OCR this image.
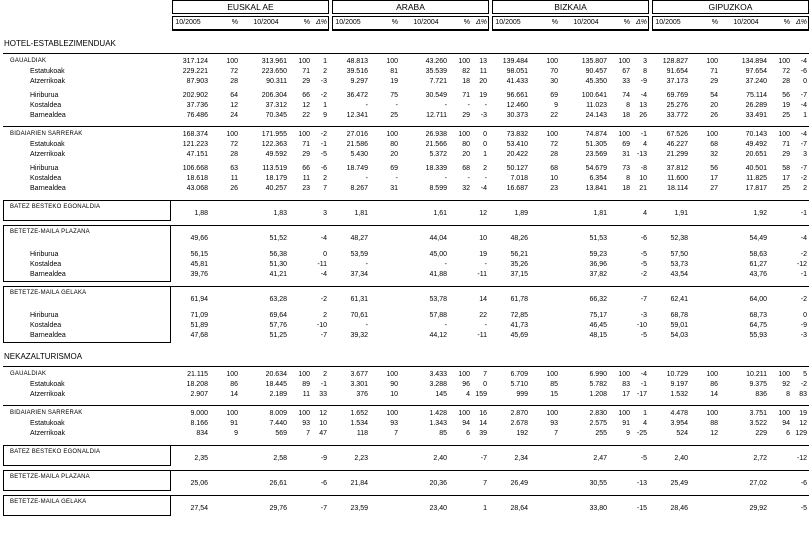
EUSKAL AE
10/2005	%	10/2004	% Δ%
ARABA
10/2005	%	10/2004	% Δ%
BIZKAIA
10/2005	%	10/2004	% Δ%
GIPUZKOA
10/2005	%	10/2004	% Δ%
HOTEL-ESTABLEZIMENDUAK
GAUALDIAK	317.124	100	313.961	100	1	48.813	100	43.260	100	13	139.484	100	135.807	100	3	128.827	100	134.894	100	-4
Estatukoak	229.221	72	223.650	71	2	39.516	81	35.539	82	11	98.051	70	90.457	67	8	91.654	71	97.654	72	-6
Atzerrikoak	87.903	28	90.311	29	-3	9.297	19	7.721	18	20	41.433	30	45.350	33	-9	37.173	29	37.240	28	0
Hiriburua	202.902	64	206.304	66	-2	36.472	75	30.549	71	19	96.661	69	100.641	74	-4	69.769	54	75.114	56	-7
Kostaldea	37.736	12	37.312	12	1	-	-	-	-	-	12.460	9	11.023	8	13	25.276	20	26.289	19	-4
Barnealdea	76.486	24	70.345	22	9	12.341	25	12.711	29	-3	30.373	22	24.143	18	26	33.772	26	33.491	25	1
BIDAIARIEN SARRERAK	168.374	100	171.955	100	-2	27.016	100	26.938	100	0	73.832	100	74.874	100	-1	67.526	100	70.143	100	-4
Estatukoak	121.223	72	122.363	71	-1	21.586	80	21.566	80	0	53.410	72	51.305	69	4	46.227	68	49.492	71	-7
Atzerrikoak	47.151	28	49.592	29	-5	5.430	20	5.372	20	1	20.422	28	23.569	31 -13	21.299	32	20.651	29	3
Hiriburua	106.668	63	113.519	66	-6	18.749	69	18.339	68	2	50.127	68	54.679	73	-8	37.812	56	40.501	58	-7
Kostaldea	18.618	11	18.179	11	2	-	-	-	-	-	7.018	10	6.354	8	10	11.600	17	11.825	17	-2
Barnealdea	43.068	26	40.257	23	7	8.267	31	8.599	32	-4	16.687	23	13.841	18	21	18.114	27	17.817	25	2
BATEZ BESTEKO EGONALDIA
1,88	1,83	3	1,81	1,61	12	1,89	1,81	4	1,91	1,92	-1
BETETZE-MAILA PLAZANA
49,66	51,52	-4	48,27	44,04	10	48,26	51,53	-6	52,38	54,49	-4
Hiriburua	56,15	56,38	0	53,59	45,00	19	56,21	59,23	-5	57,50	58,63	-2
Kostaldea	45,81	51,30	-11	-	-	-	35,26	36,96	-5	53,73	61,27	-12
Barnealdea	39,76	41,21	-4	37,34	41,88	-11	37,15	37,82	-2	43,54	43,76	-1
BETETZE-MAILA GELAKA
61,94	63,28	-2	61,31	53,78	14	61,78	66,32	-7	62,41	64,00	-2
Hiriburua	71,09	69,64	2	70,61	57,88	22	72,85	75,17	-3	68,78	68,73	0
Kostaldea	51,89	57,76	-10	-	-	-	41,73	46,45	-10	59,01	64,75	-9
Barnealdea	47,68	51,25	-7	39,32	44,12	-11	45,69	48,15	-5	54,03	55,93	-3
NEKAZALTURISMOA
GAUALDIAK	21.115	100	20.634	100	2	3.677	100	3.433	100	7	6.709	100	6.990	100	-4	10.729	100	10.211	100	5
Estatukoak	18.208	86	18.445	89	-1	3.301	90	3.288	96	0	5.710	85	5.782	83	-1	9.197	86	9.375	92	-2
Atzerrikoak	2.907	14	2.189	11	33	376	10	145	4 159	999	15	1.208	17 -17	1.532	14	836	8	83
BIDAIARIEN SARRERAK	9.000	100	8.009	100	12	1.652	100	1.428	100	16	2.870	100	2.830	100	1	4.478	100	3.751	100	19
Estatukoak	8.166	91	7.440	93	10	1.534	93	1.343	94	14	2.678	93	2.575	91	4	3.954	88	3.522	94	12
Atzerrikoak	834	9	569	7	47	118	7	85	6	39	192	7	255	9 -25	524	12	229	6 129
BATEZ BESTEKO EGONALDIA
2,35	2,58	-9	2,23	2,40	-7	2,34	2,47	-5	2,40	2,72	-12
BETETZE-MAILA PLAZANA
25,06	26,61	-6	21,84	20,36	7	26,49	30,55	-13	25,49	27,02	-6
BETETZE-MAILA GELAKA
27,54	29,76	-7	23,59	23,40	1	28,64	33,80	-15	28,46	29,92	-5
